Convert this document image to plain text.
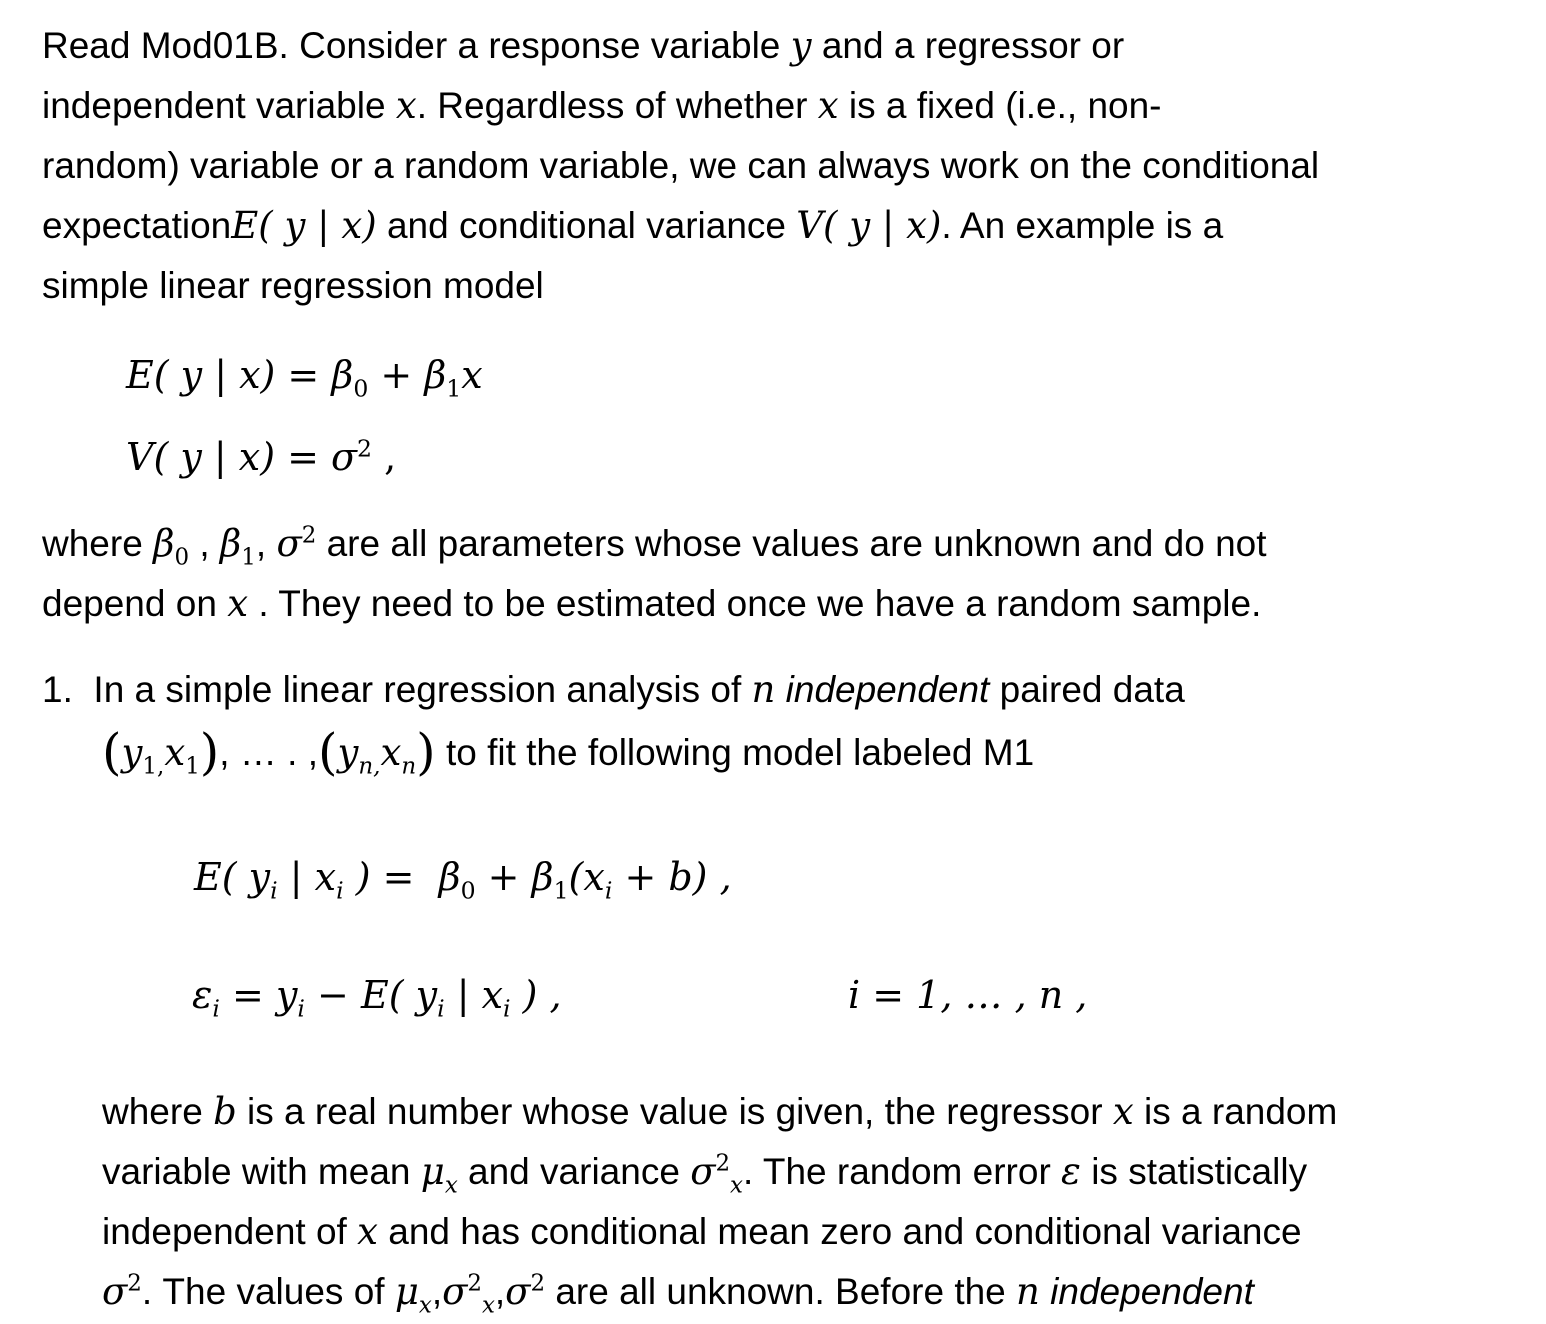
Read Mod01B. Consider a response variable y and a regressor or
independent variable x. Regardless of whether x is a fixed (i.e., non-
random) variable or a random variable, we can always work on the conditional
expectationE( y | x) and conditional variance V( y | x). An example is a
simple linear regression model
E( y | $x) = \beta_0 + \beta_1x$
V( y | $x) = \sigma^2$ ,
where $\beta_0$ , $\beta_1$, $\sigma^2$ are all parameters whose values are unknown and do not
depend on x . They need to be estimated once we have a random sample.
1. In a simple linear regression analysis of n independent paired data
$(y_{1,}x_1)$, … . $,(y_{n,}x_n)$ to fit the following model labeled M1
E( $y_i$ | $x_i$ ) = $\beta_0 + \beta_1(x_i + b)$ ,
$\varepsilon_i = y_i - E$( $y_i$ | $x_i$ ) ,	i = 1, … , n ,
where b is a real number whose value is given, the regressor x is a random
variable with mean $\mu_x$ and variance $\sigma^2_x$. The random error ε is statistically
independent of x and has conditional mean zero and conditional variance
$\sigma^2$. The values of $\mu_x,\sigma^2_x,\sigma^2$ are all unknown. Before the n independent
